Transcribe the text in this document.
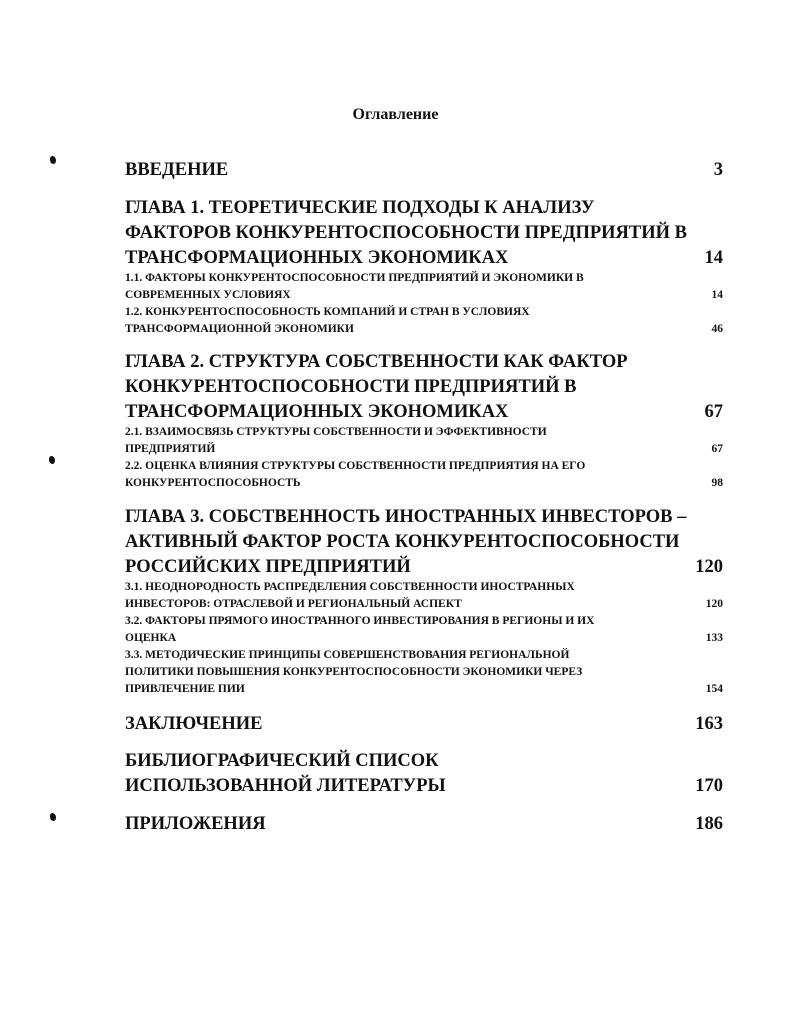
Оглавление
ВВЕДЕНИЕ	3
ГЛАВА 1. ТЕОРЕТИЧЕСКИЕ ПОДХОДЫ К АНАЛИЗУ
ФАКТОРОВ КОНКУРЕНТОСПОСОБНОСТИ ПРЕДПРИЯТИЙ В
ТРАНСФОРМАЦИОННЫХ ЭКОНОМИКАХ	14
1.1. ФАКТОРЫ КОНКУРЕНТОСПОСОБНОСТИ ПРЕДПРИЯТИЙ И ЭКОНОМИКИ В
СОВРЕМЕННЫХ УСЛОВИЯХ	14
1.2. КОНКУРЕНТОСПОСОБНОСТЬ КОМПАНИЙ И СТРАН В УСЛОВИЯХ
ТРАНСФОРМАЦИОННОЙ ЭКОНОМИКИ	46
ГЛАВА 2. СТРУКТУРА СОБСТВЕННОСТИ КАК ФАКТОР
КОНКУРЕНТОСПОСОБНОСТИ ПРЕДПРИЯТИЙ В
ТРАНСФОРМАЦИОННЫХ ЭКОНОМИКАХ	67
2.1. ВЗАИМОСВЯЗЬ СТРУКТУРЫ СОБСТВЕННОСТИ И ЭФФЕКТИВНОСТИ
ПРЕДПРИЯТИЙ	67
2.2. ОЦЕНКА ВЛИЯНИЯ СТРУКТУРЫ СОБСТВЕННОСТИ ПРЕДПРИЯТИЯ НА ЕГО
КОНКУРЕНТОСПОСОБНОСТЬ	98
ГЛАВА 3. СОБСТВЕННОСТЬ ИНОСТРАННЫХ ИНВЕСТОРОВ –
АКТИВНЫЙ ФАКТОР РОСТА КОНКУРЕНТОСПОСОБНОСТИ
РОССИЙСКИХ ПРЕДПРИЯТИЙ	120
3.1. НЕОДНОРОДНОСТЬ РАСПРЕДЕЛЕНИЯ СОБСТВЕННОСТИ ИНОСТРАННЫХ
ИНВЕСТОРОВ: ОТРАСЛЕВОЙ И РЕГИОНАЛЬНЫЙ АСПЕКТ	120
3.2. ФАКТОРЫ ПРЯМОГО ИНОСТРАННОГО ИНВЕСТИРОВАНИЯ В РЕГИОНЫ И ИХ
ОЦЕНКА	133
3.3. МЕТОДИЧЕСКИЕ ПРИНЦИПЫ СОВЕРШЕНСТВОВАНИЯ РЕГИОНАЛЬНОЙ
ПОЛИТИКИ ПОВЫШЕНИЯ КОНКУРЕНТОСПОСОБНОСТИ ЭКОНОМИКИ ЧЕРЕЗ
ПРИВЛЕЧЕНИЕ ПИИ	154
ЗАКЛЮЧЕНИЕ	163
БИБЛИОГРАФИЧЕСКИЙ СПИСОК
ИСПОЛЬЗОВАННОЙ ЛИТЕРАТУРЫ	170
ПРИЛОЖЕНИЯ	186
